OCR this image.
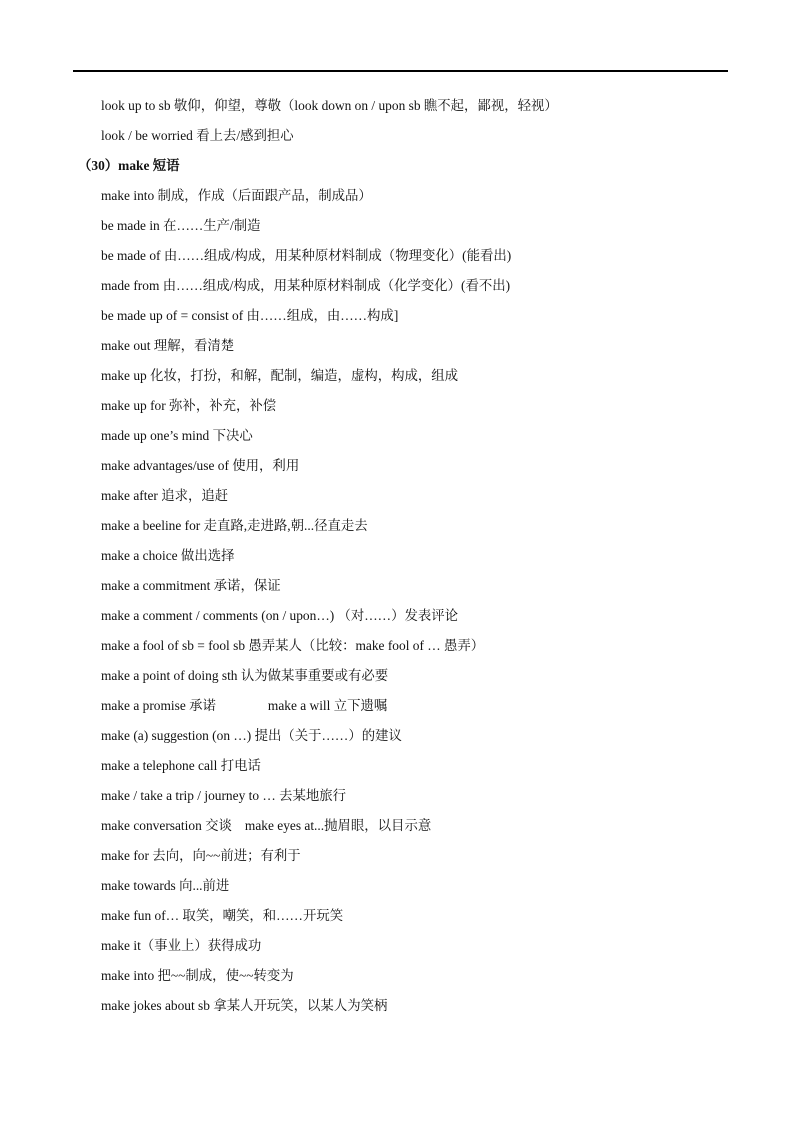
look up to sb 敬仰，仰望，尊敬（look down on / upon sb 瞧不起，鄙视，轻视）
look / be worried 看上去/感到担心
（30）make 短语
make into 制成，作成（后面跟产品，制成品）
be made in 在……生产/制造
be made of 由……组成/构成，用某种原材料制成（物理变化）(能看出)
made from 由……组成/构成，用某种原材料制成（化学变化）(看不出)
be made up of = consist of 由……组成，由……构成]
make out 理解，看清楚
make up 化妆，打扮，和解，配制，编造，虚构，构成，组成
make up for 弥补，补充，补偿
made up one’s mind 下决心
make advantages/use of 使用，利用
make after 追求，追赶
make a beeline for 走直路,走进路,朝...径直走去
make a choice 做出选择
make a commitment 承诺，保证
make a comment / comments (on / upon…) （对……）发表评论
make a fool of sb = fool sb 愚弄某人（比较：make fool of … 愚弄）
make a point of doing sth 认为做某事重要或有必要
make a promise 承诺	make a will 立下遗嘱
make (a) suggestion (on …) 提出（关于……）的建议
make a telephone call 打电话
make / take a trip / journey to … 去某地旅行
make conversation 交谈 make eyes at...抛眉眼，以目示意
make for 去向，向~~前进；有利于
make towards 向...前进
make fun of… 取笑，嘲笑，和……开玩笑
make it（事业上）获得成功
make into 把~~制成，使~~转变为
make jokes about sb 拿某人开玩笑，以某人为笑柄
